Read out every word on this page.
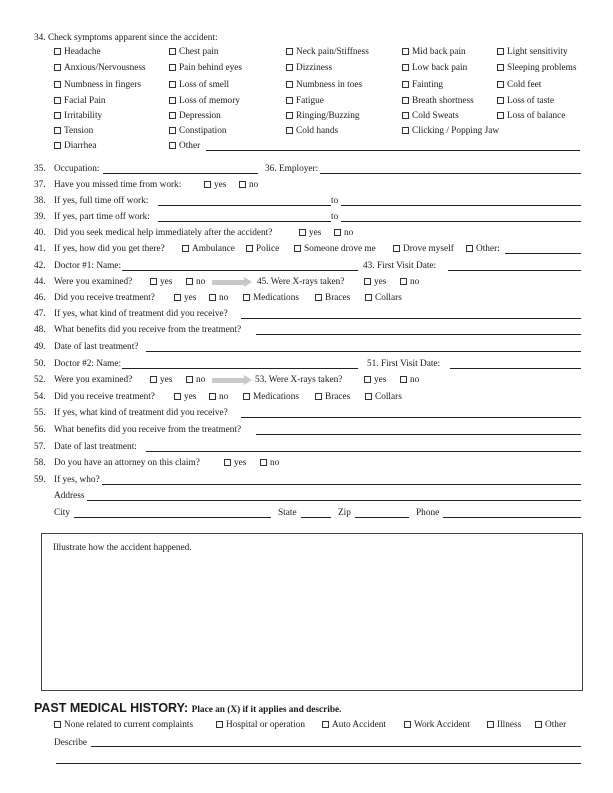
34. Check symptoms apparent since the accident:
Headache	Chest pain	Neck pain/Stiffness	Mid back pain	Light sensitivity
Anxious/Nervousness	Pain behind eyes	Dizziness	Low back pain	Sleeping problems
Numbness in fingers	Loss of smell	Numbness in toes	Fainting	Cold feet
Facial Pain	Loss of memory	Fatigue	Breath shortness	Loss of taste
Irritability	Depression	Ringing/Buzzing	Cold Sweats	Loss of balance
Tension	Constipation	Cold hands	Clicking / Popping Jaw
Diarrhea	Other
35. Occupation:	36. Employer:
37. Have you missed time from work:	yes	no
38. If yes, full time off work:	to
39. If yes, part time off work:	to
40. Did you seek medical help immediately after the accident?	yes	no
41. If yes, how did you get there?	Ambulance	Police	Someone drove me	Drove myself	Other:
42. Doctor #1: Name:	43. First Visit Date:
44. Were you examined?	yes	no	45. Were X-rays taken?	yes	no
46. Did you receive treatment?	yes	no	Medications	Braces	Collars
47. If yes, what kind of treatment did you receive?
48. What benefits did you receive from the treatment?
49. Date of last treatment?
50. Doctor #2: Name:	51. First Visit Date:
52. Were you examined?	yes	no	53. Were X-rays taken?	yes	no
54. Did you receive treatment?	yes	no	Medications	Braces	Collars
55. If yes, what kind of treatment did you receive?
56. What benefits did you receive from the treatment?
57. Date of last treatment:
58. Do you have an attorney on this claim?	yes	no
59. If yes, who?
Address
City	State	Zip	Phone
Illustrate how the accident happened.
PAST MEDICAL HISTORY: Place an (X) if it applies and describe.
None related to current complaints	Hospital or operation	Auto Accident	Work Accident	Illness	Other
Describe
